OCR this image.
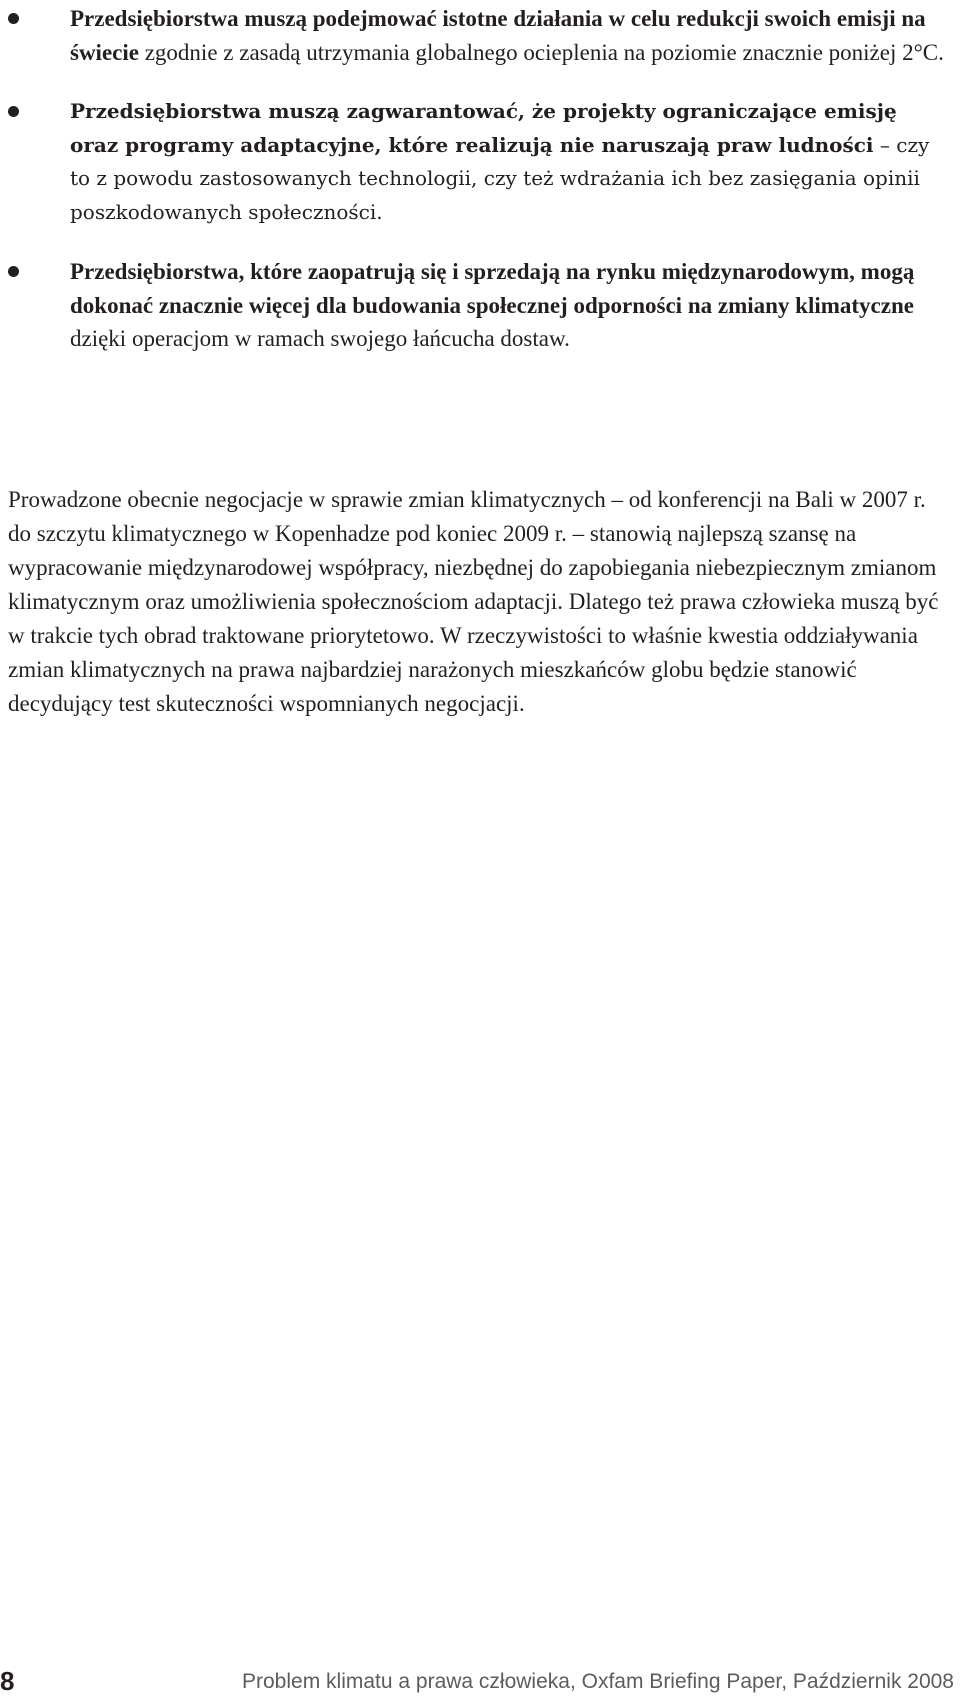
Przedsiębiorstwa muszą podejmować istotne działania w celu redukcji swoich emisji na świecie zgodnie z zasadą utrzymania globalnego ocieplenia na poziomie znacznie poniżej 2°C.
Przedsiębiorstwa muszą zagwarantować, że projekty ograniczające emisję oraz programy adaptacyjne, które realizują nie naruszają praw ludności – czy to z powodu zastosowanych technologii, czy też wdrażania ich bez zasięgania opinii poszkodowanych społeczności.
Przedsiębiorstwa, które zaopatrują się i sprzedają na rynku międzynarodowym, mogą dokonać znacznie więcej dla budowania społecznej odporności na zmiany klimatyczne dzięki operacjom w ramach swojego łańcucha dostaw.

Prowadzone obecnie negocjacje w sprawie zmian klimatycznych – od konferencji na Bali w 2007 r. do szczytu klimatycznego w Kopenhadze pod koniec 2009 r. – stanowią najlepszą szansę na wypracowanie międzynarodowej współpracy, niezbędnej do zapobiegania niebezpiecznym zmianom klimatycznym oraz umożliwienia społecznościom adaptacji. Dlatego też prawa człowieka muszą być w trakcie tych obrad traktowane priorytetowo. W rzeczywistości to właśnie kwestia oddziaływania zmian klimatycznych na prawa najbardziej narażonych mieszkańców globu będzie stanowić decydujący test skuteczności wspomnianych negocjacji.

8	Problem klimatu a prawa człowieka, Oxfam Briefing Paper, Październik 2008
